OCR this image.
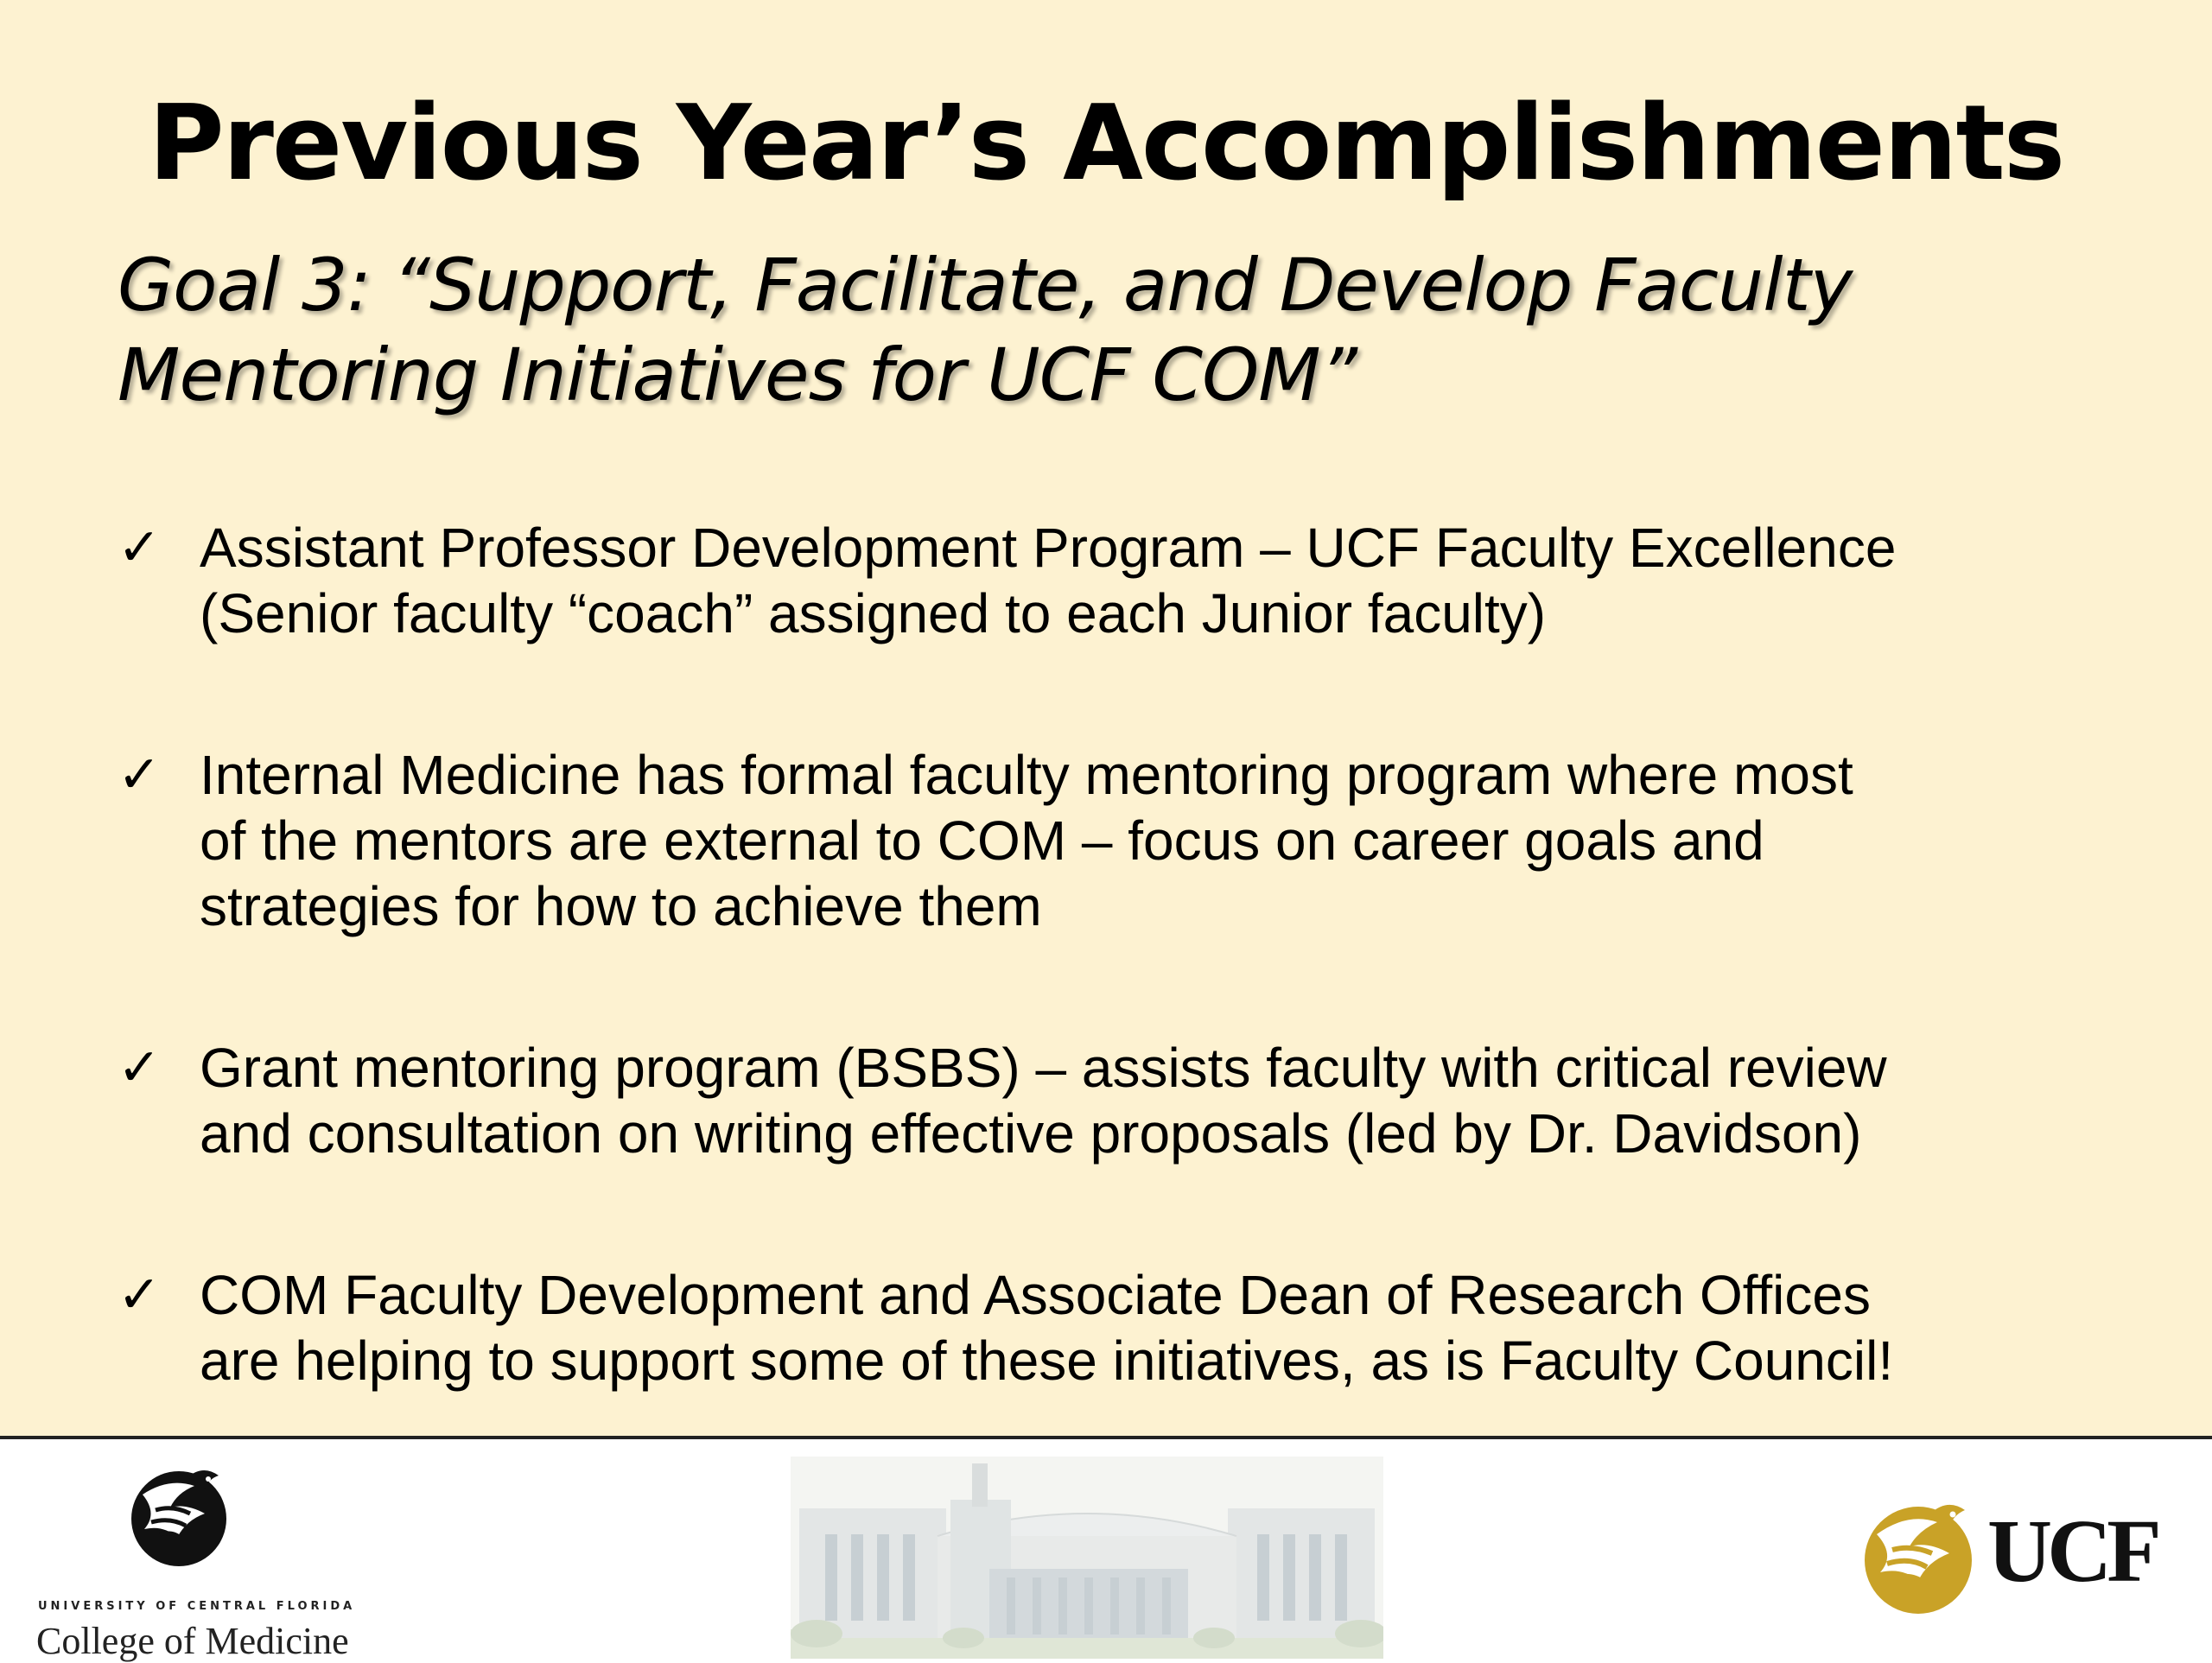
Previous Year’s Accomplishments

Goal 3: “Support, Facilitate, and Develop Faculty Mentoring Initiatives for UCF COM”

✓ Assistant Professor Development Program – UCF Faculty Excellence
(Senior faculty “coach” assigned to each Junior faculty)
✓ Internal Medicine has formal faculty mentoring program where most
of the mentors are external to COM – focus on career goals and
strategies for how to achieve them
✓ Grant mentoring program (BSBS) – assists faculty with critical review
and consultation on writing effective proposals (led by Dr. Davidson)
✓ COM Faculty Development and Associate Dean of Research Offices
are helping to support some of these initiatives, as is Faculty Council!
UNIVERSITY OF CENTRAL FLORIDA
College of Medicine
UCF
